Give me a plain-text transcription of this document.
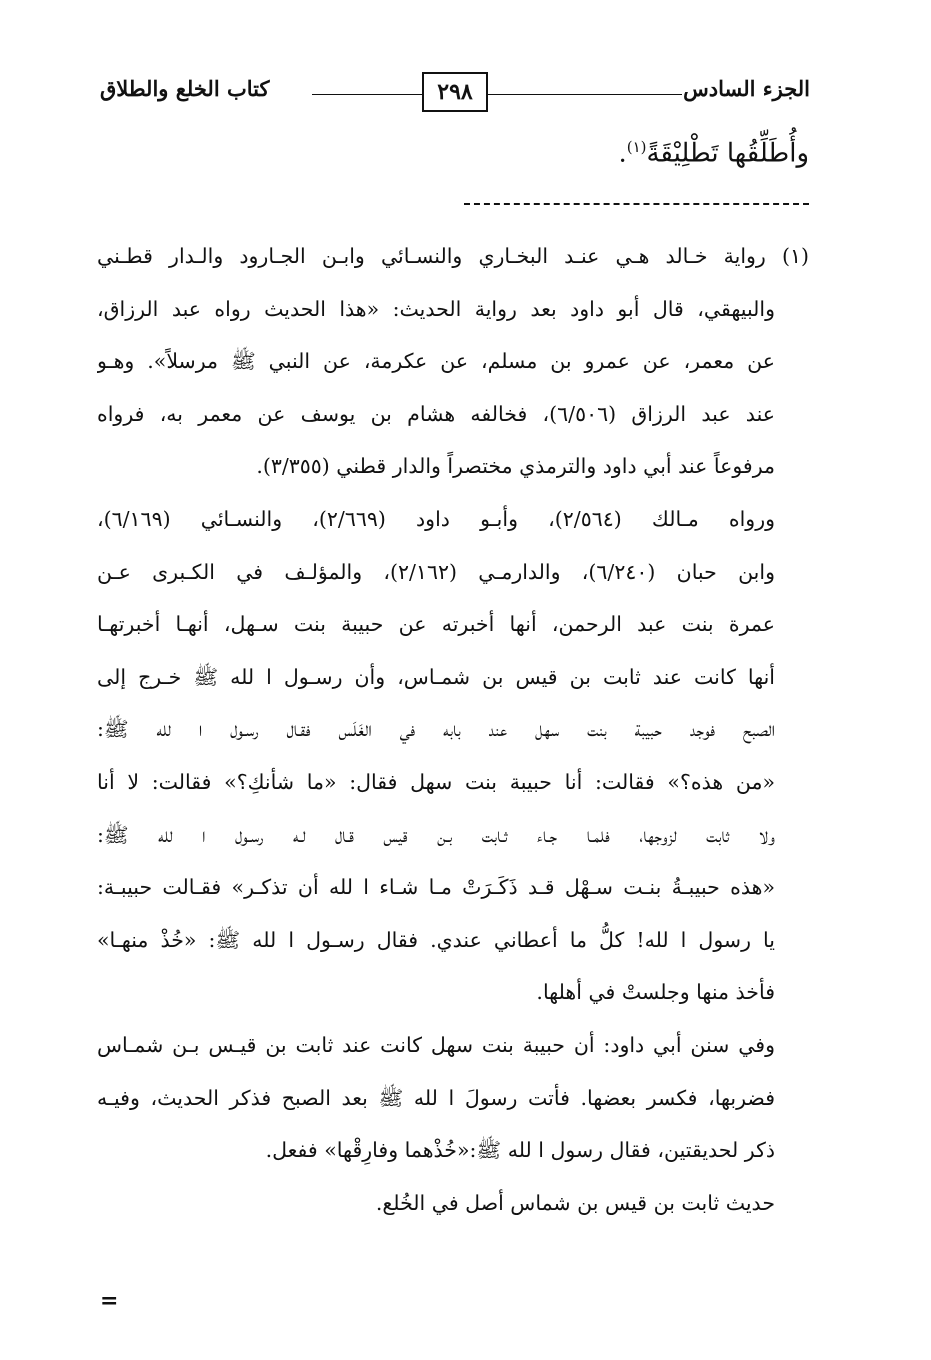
الجزء السادس
٢٩٨
كتاب الخلع والطلاق
وأُطَلِّقُها تَطْلِيْقَةً$^{(١)}$.
(١) رواية خـالد هـي عنـد البخـاري والنسـائي وابـن الجـارود والـدار قطـني
والبيهقي، قال أبو داود بعد رواية الحديث: «هذا الحديث رواه عبد الرزاق،
عن معمر، عن عمرو بن مسلم، عن عكرمة، عن النبي ﷺ مرسلاً». وهـو
عند عبد الرزاق (٦/٥٠٦)، فخالفه هشام بن يوسف عن معمر به، فرواه
مرفوعاً عند أبي داود والترمذي مختصراً والدار قطني (٣/٣٥٥).
ورواه مـالك (٢/٥٦٤)، وأبـو داود (٢/٦٦٩)، والنسـائي (٦/١٦٩)،
وابن حبان (٦/٢٤٠)، والدارمـي (٢/١٦٢)، والمؤلـف في الكـبرى عـن
عمرة بنت عبد الرحمن، أنها أخبرته عن حبيبة بنت سـهل، أنهـا أخبرتهـا
أنها كانت عند ثابت بن قيس بن شمـاس، وأن رسـول ا لله ﷺ خـرج إلى
الصبح فوجد حبيبة بنت سهل عند بابه في الغَلَس فقـال رسـول ا لله ﷺ:
«من هذه؟» فقالت: أنا حبيبة بنت سهل فقال: «ما شأنكِ؟» فقالت: لا أنا
ولا ثابت لزوجها، فلمـا جـاء ثـابت بـن قيس قـال لـه رسـول ا لله ﷺ:
«هذه حبيبـةُ بنـت سـهْل قـد ذَكَـرَتْ مـا شـاء ا لله أن تذكـر» فقـالت حبيبـة:
يا رسول ا لله! كلُّ ما أعطاني عندي. فقال رسـول ا لله ﷺ: «خُذْ منهـا»
فأخذ منها وجلستْ في أهلها.
وفي سنن أبي داود: أن حبيبة بنت سهل كانت عند ثابت بن قيـس بـن شمـاس
فضربها، فكسر بعضها. فأتت رسولَ ا لله ﷺ بعد الصبح فذكر الحديث، وفيـه
ذكر لحديقتين، فقال رسول ا لله ﷺ:«خُذْهما وفارِقْها» ففعل.
حديث ثابت بن قيس بن شماس أصل في الخُلع.
=
